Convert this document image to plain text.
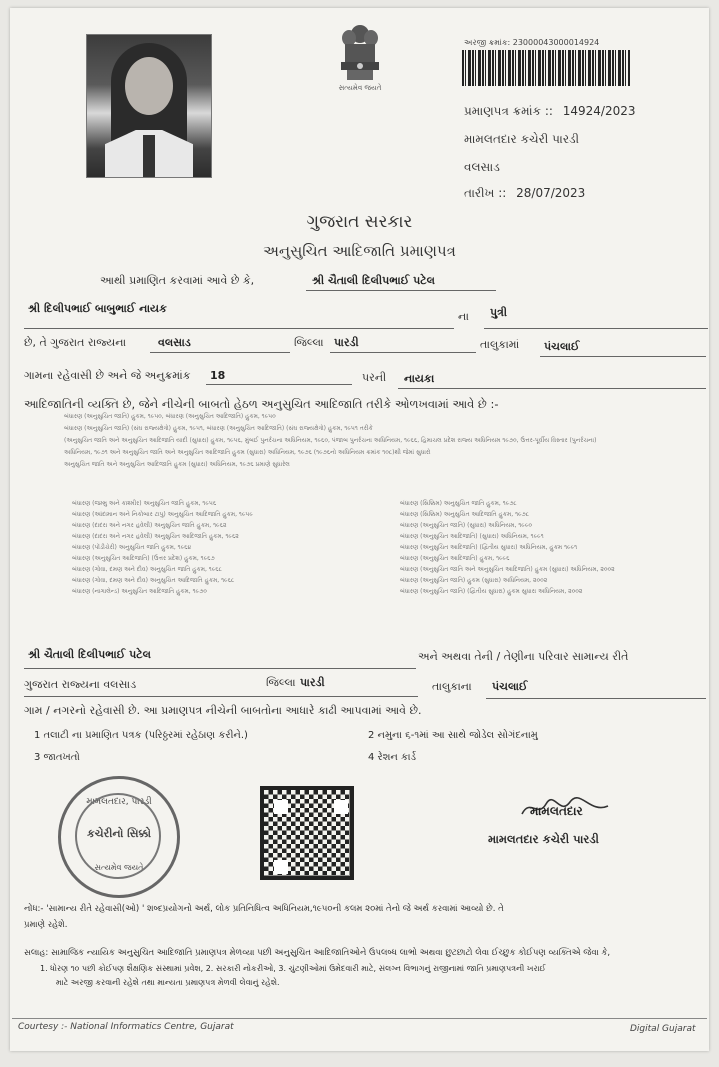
સત્યમેવ જયતે
અરજી ક્રમાંક: 23000043000014924
પ્રમાણપત્ર ક્રમાંક :: 14924/2023
મામલતદાર કચેરી પારડી
વલસાડ
તારીખ :: 28/07/2023
ગુજરાત સરકાર
અનુસુચિત આદિજાતિ પ્રમાણપત્ર
આથી પ્રમાણિત કરવામાં આવે છે કે,	શ્રી ચૈતાલી દિલીપભાઈ પટેલ
શ્રી દિલીપભાઈ બાબુભાઈ નાયક
ના પુત્રી
છે, તે ગુજરાત રાજ્યના	વલસાડ	જિલ્લા પારડી	તાલુકામાં પંચલાઈ
ગામના રહેવાસી છે અને જે અનુક્રમાંક 18	પરની નાયકા
આદિજાતિની વ્યક્તિ છે, જેને નીચેની બાબતો હેઠળ અનુસુચિત આદિજાતિ તરીકે ઓળખવામાં આવે છે :-
બંધારણ (અનુસુચિત જાતિ) હુકમ, ૧૯૫૦, બંધારણ (અનુસુચિત આદિજાતિ) હુકમ, ૧૯૫૦
બંધારણ (અનુસુચિત જાતિ) (સંઘ રાજ્યક્ષેત્રો) હુકમ, ૧૯૫૧, બંધારણ (અનુસુચિત આદિજાતિ) (સંઘ રાજ્યક્ષેત્રો) હુકમ, ૧૯૫૧ તરીકે
(અનુસુચિત જાતિ અને અનુસુચિત આદિજાતિ યાદી (સુધારા) હુકમ, ૧૯૫૬, મુંબઈ પુનર્રચના અધિનિયમ, ૧૯૬૦, પંજાબ પુનર્રચના અધિનિયમ, ૧૯૬૬, હિમાચલ પ્રદેશ રાજ્ય અધિનિયમ ૧૯૭૦, ઉત્તર-પૂર્વીય વિસ્તાર (પુનર્રચના)
અધિનિયમ, ૧૯૭૧ અને અનુસુચિત જાતિ અને અનુસુચિત આદિજાતિ હુકમ (સુધારા) અધિનિયમ, ૧૯૭૬ (૧૯૭૬નો અધિનિયમ ક્રમાંક ૧૦૮)થી જેમાં સુધારો
અનુસુચિત જાતિ અને અનુસુચિત આદિજાતિ હુકમ (સુધારા) અધિનિયમ, ૧૯૭૬ પ્રમાણે સુધારેલ
બંધારણ (જમ્મુ અને કાશ્મીર) અનુસુચિત જાતિ હુકમ, ૧૯૫૬
બંધારણ (આંદામાન અને નિકોબાર ટાપુ) અનુસુચિત આદિજાતિ હુકમ, ૧૯૫૯
બંધારણ (દાદરા અને નગર હવેલી) અનુસુચિત જાતિ હુકમ, ૧૯૬૨
બંધારણ (દાદરા અને નગર હવેલી) અનુસુચિત આદિજાતિ હુકમ, ૧૯૬૨
બંધારણ (પોંડીચેરી) અનુસુચિત જાતિ હુકમ, ૧૯૬૪
બંધારણ (અનુસુચિત આદિજાતિ) (ઉત્તર પ્રદેશ) હુકમ, ૧૯૬૭
બંધારણ (ગોવા, દમણ અને દીવ) અનુસુચિત જાતિ હુકમ, ૧૯૬૮
બંધારણ (ગોવા, દમણ અને દીવ) અનુસુચિત આદિજાતિ હુકમ, ૧૯૬૮
બંધારણ (નાગાલેન્ડ) અનુસુચિત આદિજાતિ હુકમ, ૧૯૭૦
બંધારણ (સિક્કિમ) અનુસુચિત જાતિ હુકમ, ૧૯૭૮
બંધારણ (સિક્કિમ) અનુસુચિત આદિજાતિ હુકમ, ૧૯૭૮
બંધારણ (અનુસુચિત જાતિ) (સુધારા) અધિનિયમ, ૧૯૯૦
બંધારણ (અનુસુચિત આદિજાતિ) (સુધારા) અધિનિયમ, ૧૯૯૧
બંધારણ (અનુસુચિત આદિજાતિ) (દ્વિતીય સુધારા) અધિનિયમ, હુકમ ૧૯૯૧
બંધારણ (અનુસુચિત આદિજાતિ) હુકમ, ૧૯૯૬
બંધારણ (અનુસુચિત જાતિ અને અનુસુચિત આદિજાતિ) હુકમ (સુધારા) અધિનિયમ, ૨૦૦૨
બંધારણ (અનુસુચિત જાતિ) હુકમ (સુધારા) અધિનિયમ, ૨૦૦૨
બંધારણ (અનુસુચિત જાતિ) (દ્વિતીય સુધારા) હુકમ સુધારા અધિનિયમ, ૨૦૦૨
શ્રી ચૈતાલી દિલીપભાઈ પટેલ	અને અથવા તેની / તેણીના પરિવાર સામાન્ય રીતે
ગુજરાત રાજ્યના વલસાડ	જિલ્લા પારડી	તાલુકાના પંચલાઈ
ગામ / નગરનો રહેવાસી છે. આ પ્રમાણપત્ર નીચેની બાબતોના આધારે કાઢી આપવામાં આવે છે.
1 તલાટી ના પ્રમાણિત પત્રક (પરિઠ્ઠરમાં રહેઠાણ કરીને.)	2 નમુના ૬-૧માં આ સાથે જોડેલ સોગંદનામુ
3 જાતખતો	4 રેશન કાર્ડ
મામલતદાર, પારડી
કચેરીનો સિક્કો
સત્યમેવ જયતે
મામલતદાર
મામલતદાર કચેરી પારડી
નોંધ:- 'સામાન્ય રીતે રહેવાસી(ઓ) ' શબ્દપ્રયોગનો અર્થ, લોક પ્રતિનિધિત્વ અધિનિયમ,૧૯૫૦ની કલમ ૨૦માં તેનો જે અર્થ કરવામાં આવ્યો છે. તે
પ્રમાણે રહેશે.
સલાહ: સામાજિક ન્યાયિક અનુસુચિત આદિજાતિ પ્રમાણપત્ર મેળવ્યા પછી અનુસુચિત આદિજાતિઓને ઉપલબ્ધ લાભો અથવા છુટછાટો લેવા ઈચ્છુક કોઈપણ વ્યક્તિએ જેવા કે,
1. ધોરણ ૧૦ પછી કોઈપણ શૈક્ષણિક સંસ્થામાં પ્રવેશ, 2. સરકારી નોકરીઓ, 3. ચુંટણીઓમાં ઉમેદવારી માટે, સંલગ્ન વિભાગનું રાજીનામાં જાતિ પ્રમાણપત્રની ખરાઈ
માટે અરજી કરવાની રહેશે તથા માન્યતા પ્રમાણપત્ર મેળવી લેવાનું રહેશે.
Courtesy :- National Informatics Centre, Gujarat	Digital Gujarat
